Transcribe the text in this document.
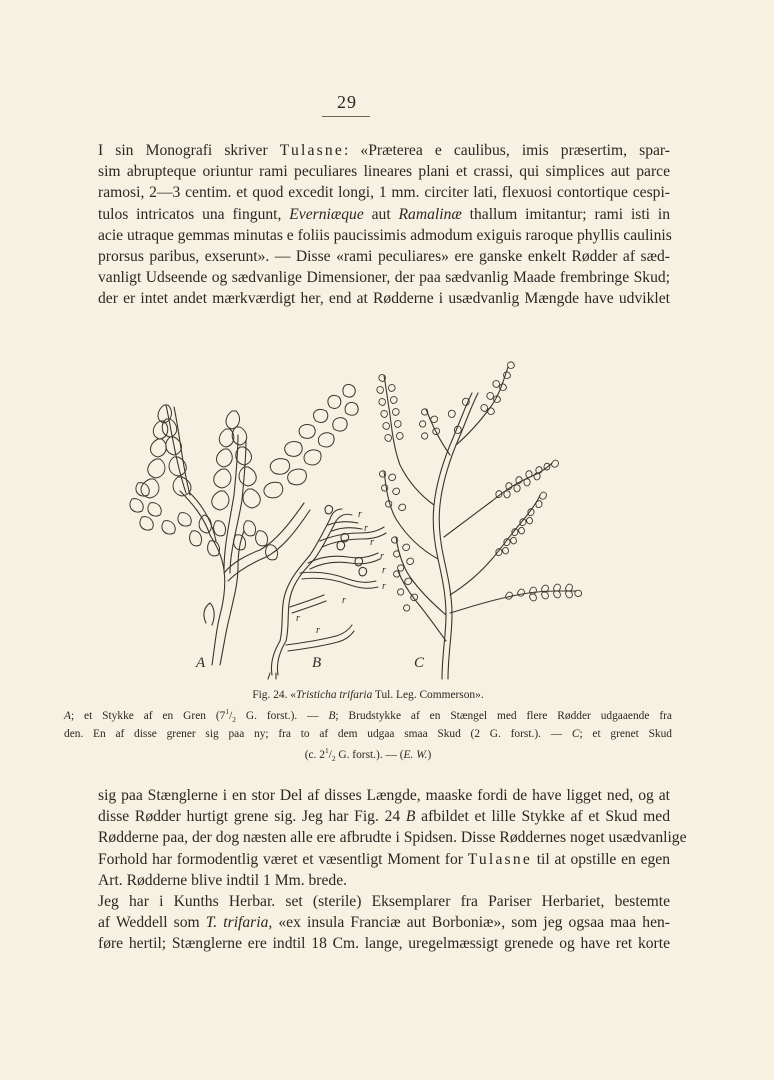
29
I sin Monografi skriver Tulasne: «Præterea e caulibus, imis præsertim, spar-
sim abrupteque oriuntur rami peculiares lineares plani et crassi, qui simplices aut parce
ramosi, 2—3 centim. et quod excedit longi, 1 mm. circiter lati, flexuosi contortique cespi-
tulos intricatos una fingunt, Everniæque aut Ramalinæ thallum imitantur; rami isti in
acie utraque gemmas minutas e foliis paucissimis admodum exiguis raroque phyllis caulinis
prorsus paribus, exserunt». — Disse «rami peculiares» ere ganske enkelt Rødder af sæd-
vanligt Udseende og sædvanlige Dimensioner, der paa sædvanlig Maade frembringe Skud;
der er intet andet mærkværdigt her, end at Rødderne i usædvanlig Mængde have udviklet
r
r
r
r
r
r
r
r
r
A	B	C
Fig. 24. «Tristicha trifaria Tul. Leg. Commerson».
A; et Stykke af en Gren ($7^1/_2$ G. forst.). — B; Brudstykke af en Stængel med flere Rødder udgaaende fra
den. En af disse grener sig paa ny; fra to af dem udgaa smaa Skud (2 G. forst.). — C; et grenet Skud
(c. $2^1/_2$ G. forst.). — (E. W.)
sig paa Stænglerne i en stor Del af disses Længde, maaske fordi de have ligget ned, og at
disse Rødder hurtigt grene sig. Jeg har Fig. 24 B afbildet et lille Stykke af et Skud med
Rødderne paa, der dog næsten alle ere afbrudte i Spidsen. Disse Røddernes noget usædvanlige
Forhold har formodentlig været et væsentligt Moment for Tulasne til at opstille en egen
Art. Rødderne blive indtil 1 Mm. brede.
Jeg har i Kunths Herbar. set (sterile) Eksemplarer fra Pariser Herbariet, bestemte
af Weddell som T. trifaria, «ex insula Franciæ aut Borboniæ», som jeg ogsaa maa hen-
føre hertil; Stænglerne ere indtil 18 Cm. lange, uregelmæssigt grenede og have ret korte
